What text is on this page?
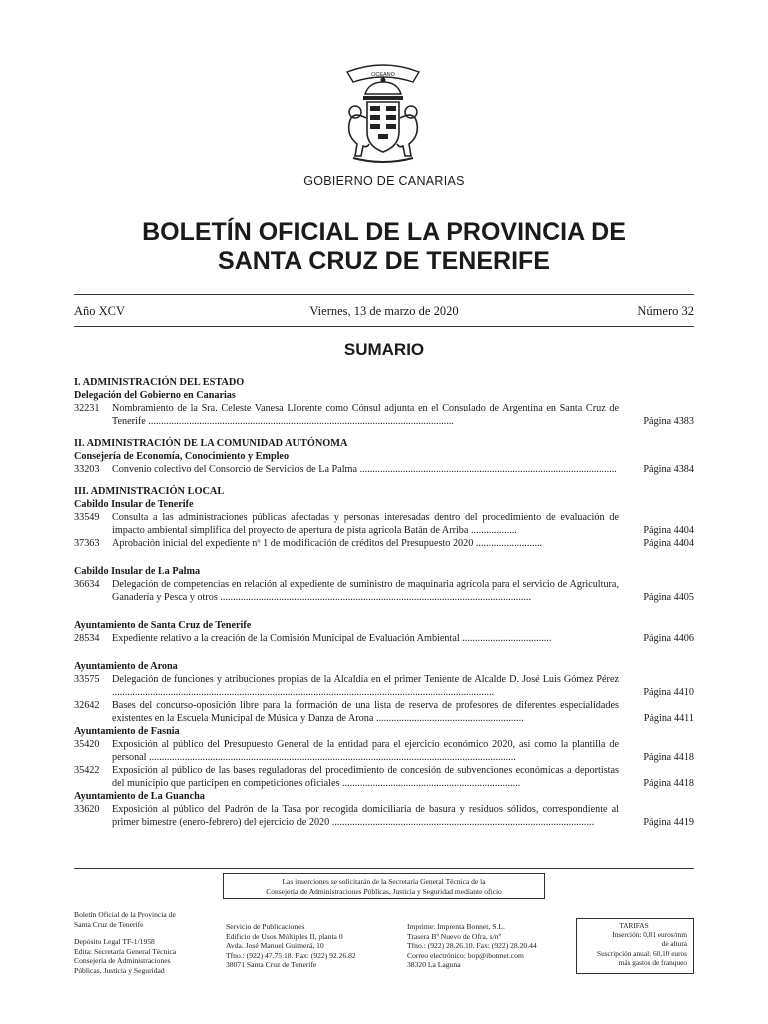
OCEANO
GOBIERNO DE CANARIAS
BOLETÍN OFICIAL DE LA PROVINCIA DE
SANTA CRUZ DE TENERIFE
Año XCV	Viernes, 13 de marzo de 2020	Número 32
SUMARIO
I. ADMINISTRACIÓN DEL ESTADO
Delegación del Gobierno en Canarias
32231	Nombramiento de la Sra. Celeste Vanesa Llorente como Cónsul adjunta en el Consulado de Argentina en Santa Cruz de Tenerife ........................................................................................................................	Página 4383
II. ADMINISTRACIÓN DE LA COMUNIDAD AUTÓNOMA
Consejería de Economía, Conocimiento y Empleo
33203	Convenio colectivo del Consorcio de Servicios de La Palma .....................................................................................................	Página 4384
III. ADMINISTRACIÓN LOCAL
Cabildo Insular de Tenerife
33549	Consulta a las administraciones públicas afectadas y personas interesadas dentro del procedimiento de evaluación de impacto ambiental simplifica del proyecto de apertura de pista agrícola Batán de Arriba ..................	Página 4404
37363	Aprobación inicial del expediente nº 1 de modificación de créditos del Presupuesto 2020 ..........................	Página 4404
Cabildo Insular de La Palma
36634	Delegación de competencias en relación al expediente de suministro de maquinaria agrícola para el servicio de Agricultura, Ganadería y Pesca y otros ..........................................................................................................................	Página 4405
Ayuntamiento de Santa Cruz de Tenerife
28534	Expediente relativo a la creación de la Comisión Municipal de Evaluación Ambiental ...................................	Página 4406
Ayuntamiento de Arona
33575	Delegación de funciones y atribuciones propias de la Alcaldía en el primer Teniente de Alcalde D. José Luis Gómez Pérez ......................................................................................................................................................	Página 4410
32642	Bases del concurso-oposición libre para la formación de una lista de reserva de profesores de diferentes especialidades existentes en la Escuela Municipal de Música y Danza de Arona ..........................................................	Página 4411
Ayuntamiento de Fasnia
35420	Exposición al público del Presupuesto General de la entidad para el ejercicio económico 2020, así como la plantilla de personal ................................................................................................................................................	Página 4418
35422	Exposición al público de las bases reguladoras del procedimiento de concesión de subvenciones económicas a deportistas del municipio que participen en competiciones oficiales ......................................................................	Página 4418
Ayuntamiento de La Guancha
33620	Exposición al público del Padrón de la Tasa por recogida domiciliaria de basura y residuos sólidos, correspondiente al primer bimestre (enero-febrero) del ejercicio de 2020 .......................................................................................................	Página 4419
Las inserciones se solicitarán de la Secretaría General Técnica de la
Consejería de Administraciones Públicas, Justicia y Seguridad mediante oficio
Boletín Oficial de la Provincia de
Santa Cruz de Tenerife
Depósito Legal TF-1/1958
Edita: Secretaría General Técnica
Consejería de Administraciones
Públicas, Justicia y Seguridad
Servicio de Publicaciones
Edificio de Usos Múltiples II, planta 0
Avda. José Manuel Guimerá, 10
Tfno.: (922) 47.75.18. Fax: (922) 92.26.82
38071 Santa Cruz de Tenerife
Imprime: Imprenta Bonnet, S.L.
Trasera Bº Nuevo de Ofra, s/nº
Tfno.: (922) 28.26.10. Fax: (922) 28.20.44
Correo electrónico: bop@ibonnet.com
38320 La Laguna
TARIFAS
Inserción: 0,81 euros/mm
de altura
Suscripción anual: 60,10 euros
más gastos de franqueo
